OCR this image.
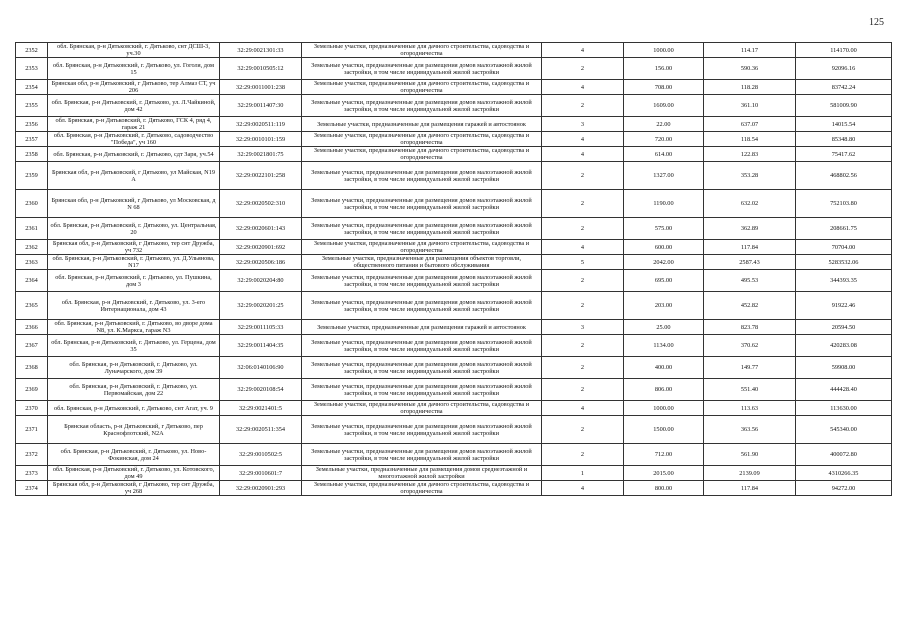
125
2352	обл. Брянская, р-н Дятьковский, г. Дятьково, снт ДСШ-3, уч.30	32:29:0021301:33	Земельные участки, предназначенные для дачного строительства, садоводства и огородничества	4	1000.00	114.17	114170.00
2353	обл. Брянская, р-н Дятьковский, г. Дятьково, ул. Гоголя, дом 15	32:29:0010505:12	Земельные участки, предназначенные для размещения домов малоэтажной жилой застройки, в том числе индивидуальной жилой застройки	2	156.00	590.36	92096.16
2354	Брянская обл, р-н Дятьковский, г Дятьково, тер Алмаз СТ, уч 206	32:29:0011001:238	Земельные участки, предназначенные для дачного строительства, садоводства и огородничества	4	708.00	118.28	83742.24
2355	обл. Брянская, р-н Дятьковский, г. Дятьково, ул. Л.Чайкиной, дом 42	32:29:0011407:30	Земельные участки, предназначенные для размещения домов малоэтажной жилой застройки, в том числе индивидуальной жилой застройки	2	1609.00	361.10	581009.90
2356	обл. Брянская, р-н Дятьковский, г. Дятьково, ГСК 4, ряд 4, гараж 21	32:29:0020511:119	Земельные участки, предназначенные для размещения гаражей и автостоянок	3	22.00	637.07	14015.54
2357	обл. Брянская, р-н Дятьковский, г. Дятьково, садоводчество "Победа", уч 160	32:29:0010101:159	Земельные участки, предназначенные для дачного строительства, садоводства и огородничества	4	720.00	118.54	85348.80
2358	обл. Брянская, р-н Дятьковский, г. Дятьково, сдт Заря, уч.54	32:29:0021801:75	Земельные участки, предназначенные для дачного строительства, садоводства и огородничества	4	614.00	122.83	75417.62
2359	Брянская обл, р-н Дятьковский, г Дятьково, ул Майская, N19 А	32:29:0022101:258	Земельные участки, предназначенные для размещения домов малоэтажной жилой застройки, в том числе индивидуальной жилой застройки	2	1327.00	353.28	468802.56
2360	Брянская обл, р-н Дятьковский, г Дятьково, ул Московская, д N 68	32:29:0020502:310	Земельные участки, предназначенные для размещения домов малоэтажной жилой застройки, в том числе индивидуальной жилой застройки	2	1190.00	632.02	752103.80
2361	обл. Брянская, р-н Дятьковский, г. Дятьково, ул. Центральная, 20	32:29:0020601:143	Земельные участки, предназначенные для размещения домов малоэтажной жилой застройки, в том числе индивидуальной жилой застройки	2	575.00	362.89	208661.75
2362	Брянская обл, р-н Дятьковский, г Дятьково, тер снт Дружба, уч 732	32:29:0020901:692	Земельные участки, предназначенные для дачного строительства, садоводства и огородничества	4	600.00	117.84	70704.00
2363	обл. Брянская, р-н Дятьковский, г. Дятьково, ул. Д.Ульянова, N17	32:29:0020506:186	Земельные участки, предназначенные для размещения объектов торговли, общественного питания и бытового обслуживания	5	2042.00	2587.43	5283532.06
2364	обл. Брянская, р-н Дятьковский, г. Дятьково, ул. Пушкина, дом 3	32:29:0020204:80	Земельные участки, предназначенные для размещения домов малоэтажной жилой застройки, в том числе индивидуальной жилой застройки	2	695.00	495.53	344393.35
2365	обл. Брянская, р-н Дятьковский, г. Дятьково, ул. 3-его Интернационала, дом 43	32:29:0020201:25	Земельные участки, предназначенные для размещения домов малоэтажной жилой застройки, в том числе индивидуальной жилой застройки	2	203.00	452.82	91922.46
2366	обл. Брянская, р-н Дятьковский, г. Дятьково, во дворе дома N8, ул. К.Маркса, гараж N3	32:29:0011105:33	Земельные участки, предназначенные для размещения гаражей и автостоянок	3	25.00	823.78	20594.50
2367	обл. Брянская, р-н Дятьковский, г. Дятьково, ул. Герцена, дом 35	32:29:0011404:35	Земельные участки, предназначенные для размещения домов малоэтажной жилой застройки, в том числе индивидуальной жилой застройки	2	1134.00	370.62	420283.08
2368	обл. Брянская, р-н Дятьковский, г. Дятьково, ул. Луначарского, дом 39	32:06:0140106:90	Земельные участки, предназначенные для размещения домов малоэтажной жилой застройки, в том числе индивидуальной жилой застройки	2	400.00	149.77	59908.00
2369	обл. Брянская, р-н Дятьковский, г. Дятьково, ул. Первомайская, дом 22	32:29:0020108:54	Земельные участки, предназначенные для размещения домов малоэтажной жилой застройки, в том числе индивидуальной жилой застройки	2	806.00	551.40	444428.40
2370	обл. Брянская, р-н Дятьковский, г. Дятьково, снт Агат, уч. 9	32:29:0021401:5	Земельные участки, предназначенные для дачного строительства, садоводства и огородничества	4	1000.00	113.63	113630.00
2371	Брянская область, р-н Дятьковский, г Дятьково, пер Краснофлотский, N2А	32:29:0020511:354	Земельные участки, предназначенные для размещения домов малоэтажной жилой застройки, в том числе индивидуальной жилой застройки	2	1500.00	363.56	545340.00
2372	обл. Брянская, р-н Дятьковский, г. Дятьково, ул. Ново-Фокинская, дом 24	32:29:0010502:5	Земельные участки, предназначенные для размещения домов малоэтажной жилой застройки, в том числе индивидуальной жилой застройки	2	712.00	561.90	400072.80
2373	обл. Брянская, р-н Дятьковский, г. Дятьково, ул. Котовского, дом 49	32:29:0010601:7	Земельные участки, предназначенные для размещения домов среднеэтажной и многоэтажной жилой застройки	1	2015.00	2139.09	4310266.35
2374	Брянская обл, р-н Дятьковский, г Дятьково, тер снт Дружба, уч 268	32:29:0020901:293	Земельные участки, предназначенные для дачного строительства, садоводства и огородничества	4	800.00	117.84	94272.00
